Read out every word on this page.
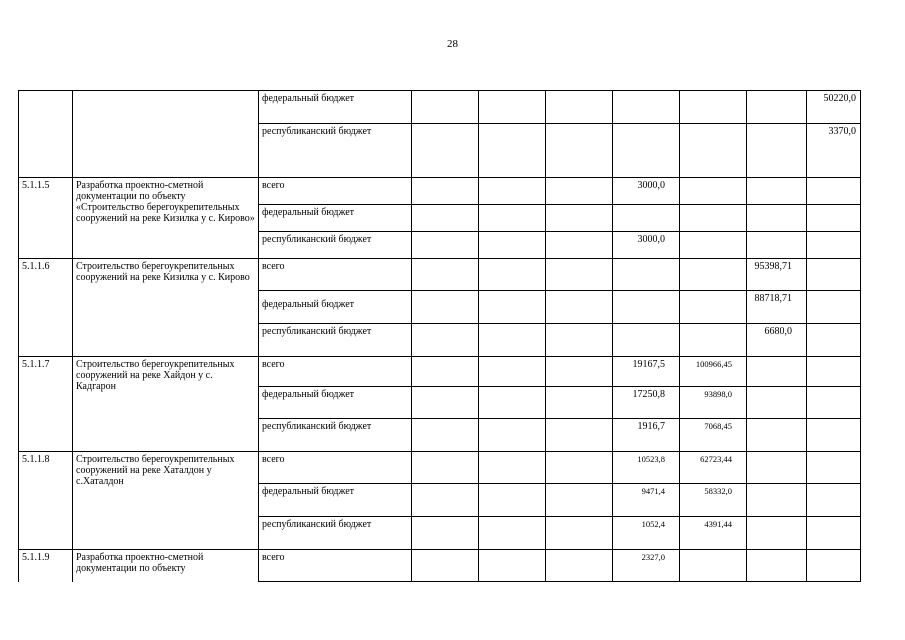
28
		федеральный бюджет							50220,0
		республиканский бюджет							3370,0
5.1.1.5	Разработка проектно-сметной документации по объекту «Строительство берегоукрепительных сооружений на реке Кизилка у с. Кирово»	всего				3000,0			
		федеральный бюджет							
		республиканский бюджет				3000,0			
5.1.1.6	Строительство берегоукрепительных сооружений на реке Кизилка у с. Кирово	всего						95398,71	
		федеральный бюджет						88718,71	
		республиканский бюджет						6680,0	
5.1.1.7	Строительство берегоукрепительных сооружений на реке Хайдон у с. Кадгарон	всего				19167,5	100966,45		
		федеральный бюджет				17250,8	93898,0		
		республиканский бюджет				1916,7	7068,45		
5.1.1.8	Строительство берегоукрепительных сооружений на реке Хаталдон у с.Хаталдон	всего				10523,8	62723,44		
		федеральный бюджет				9471,4	58332,0		
		республиканский бюджет				1052,4	4391,44		
5.1.1.9	Разработка проектно-сметной документации по объекту	всего				2327,0			
